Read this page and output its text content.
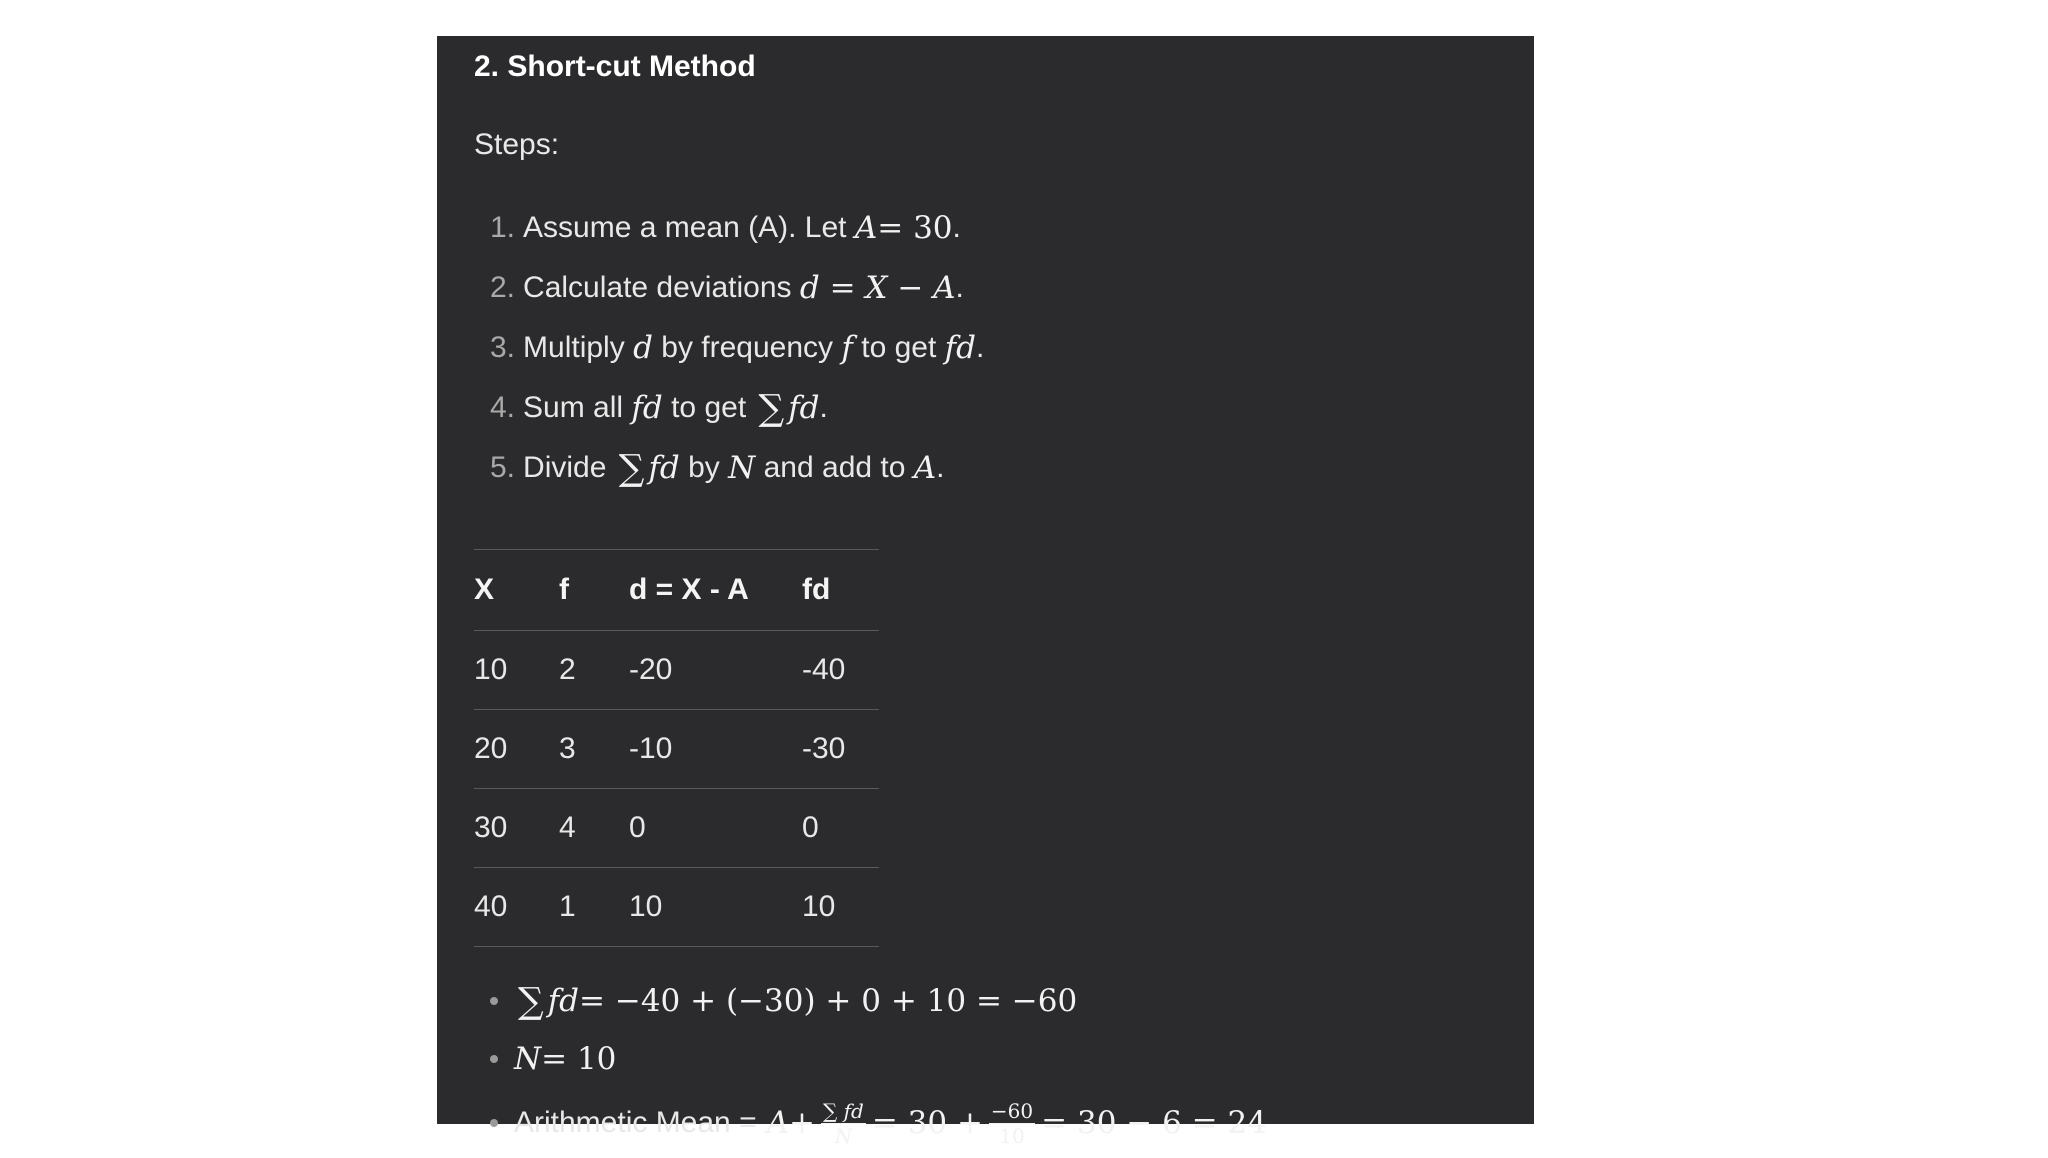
2. Short-cut Method
Steps:
1. Assume a mean (A). Let
A = 30 .
2. Calculate deviations
d = X − A .
3. Multiply
d
by frequency
f
to get
fd .
4. Sum all
fd
to get
∑ fd .
5. Divide
∑ fd
by
N
and add to
A .
X	f	d = X - A	fd
10	2	-20	-40
20	3	-10	-30
30	4	0	0
40	1	10	10
∑ fd = −40 + (−30) + 0 + 10 = −60
N = 10
Arithmetic Mean = $A + \frac{\sum fd}{N} = 30 + \frac{-60}{10} = 30 - 6 = 24$
